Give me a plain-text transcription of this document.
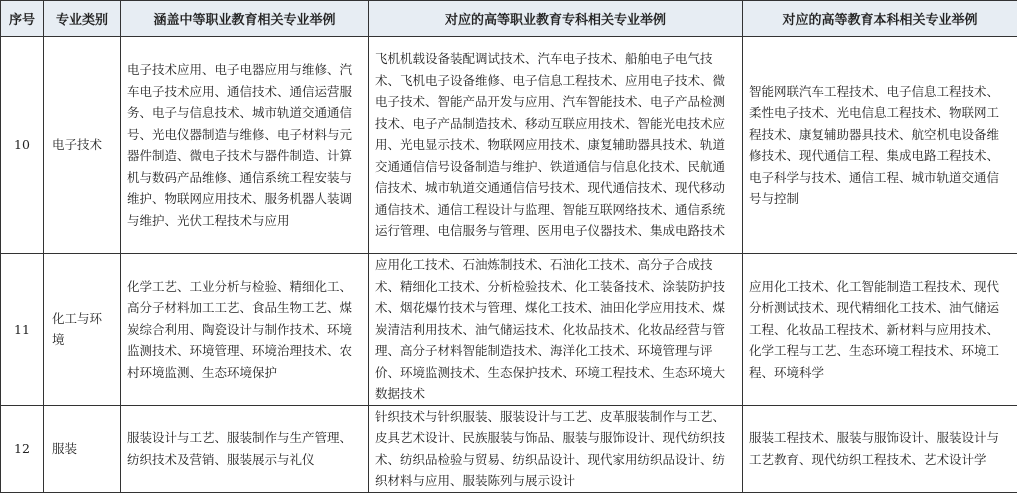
序号	专业类别	涵盖中等职业教育相关专业举例	对应的高等职业教育专科相关专业举例	对应的高等教育本科相关专业举例
10	电子技术	电子技术应用、电子电器应用与维修、汽车电子技术应用、通信技术、通信运营服务、电子与信息技术、城市轨道交通通信号、光电仪器制造与维修、电子材料与元器件制造、微电子技术与器件制造、计算机与数码产品维修、通信系统工程安装与维护、物联网应用技术、服务机器人装调与维护、光伏工程技术与应用	飞机机载设备装配调试技术、汽车电子技术、船舶电子电气技术、飞机电子设备维修、电子信息工程技术、应用电子技术、微电子技术、智能产品开发与应用、汽车智能技术、电子产品检测技术、电子产品制造技术、移动互联应用技术、智能光电技术应用、光电显示技术、物联网应用技术、康复辅助器具技术、轨道交通通信信号设备制造与维护、铁道通信与信息化技术、民航通信技术、城市轨道交通通信信号技术、现代通信技术、现代移动通信技术、通信工程设计与监理、智能互联网络技术、通信系统运行管理、电信服务与管理、医用电子仪器技术、集成电路技术	智能网联汽车工程技术、电子信息工程技术、柔性电子技术、光电信息工程技术、物联网工程技术、康复辅助器具技术、航空机电设备维修技术、现代通信工程、集成电路工程技术、电子科学与技术、通信工程、城市轨道交通信号与控制
11	化工与环境	化学工艺、工业分析与检验、精细化工、高分子材料加工工艺、食品生物工艺、煤炭综合利用、陶瓷设计与制作技术、环境监测技术、环境管理、环境治理技术、农村环境监测、生态环境保护	应用化工技术、石油炼制技术、石油化工技术、高分子合成技术、精细化工技术、分析检验技术、化工装备技术、涂装防护技术、烟花爆竹技术与管理、煤化工技术、油田化学应用技术、煤炭清洁利用技术、油气储运技术、化妆品技术、化妆品经营与管理、高分子材料智能制造技术、海洋化工技术、环境管理与评价、环境监测技术、生态保护技术、环境工程技术、生态环境大数据技术	应用化工技术、化工智能制造工程技术、现代分析测试技术、现代精细化工技术、油气储运工程、化妆品工程技术、新材料与应用技术、化学工程与工艺、生态环境工程技术、环境工程、环境科学
12	服装	服装设计与工艺、服装制作与生产管理、纺织技术及营销、服装展示与礼仪	针织技术与针织服装、服装设计与工艺、皮革服装制作与工艺、皮具艺术设计、民族服装与饰品、服装与服饰设计、现代纺织技术、纺织品检验与贸易、纺织品设计、现代家用纺织品设计、纺织材料与应用、服装陈列与展示设计	服装工程技术、服装与服饰设计、服装设计与工艺教育、现代纺织工程技术、艺术设计学
